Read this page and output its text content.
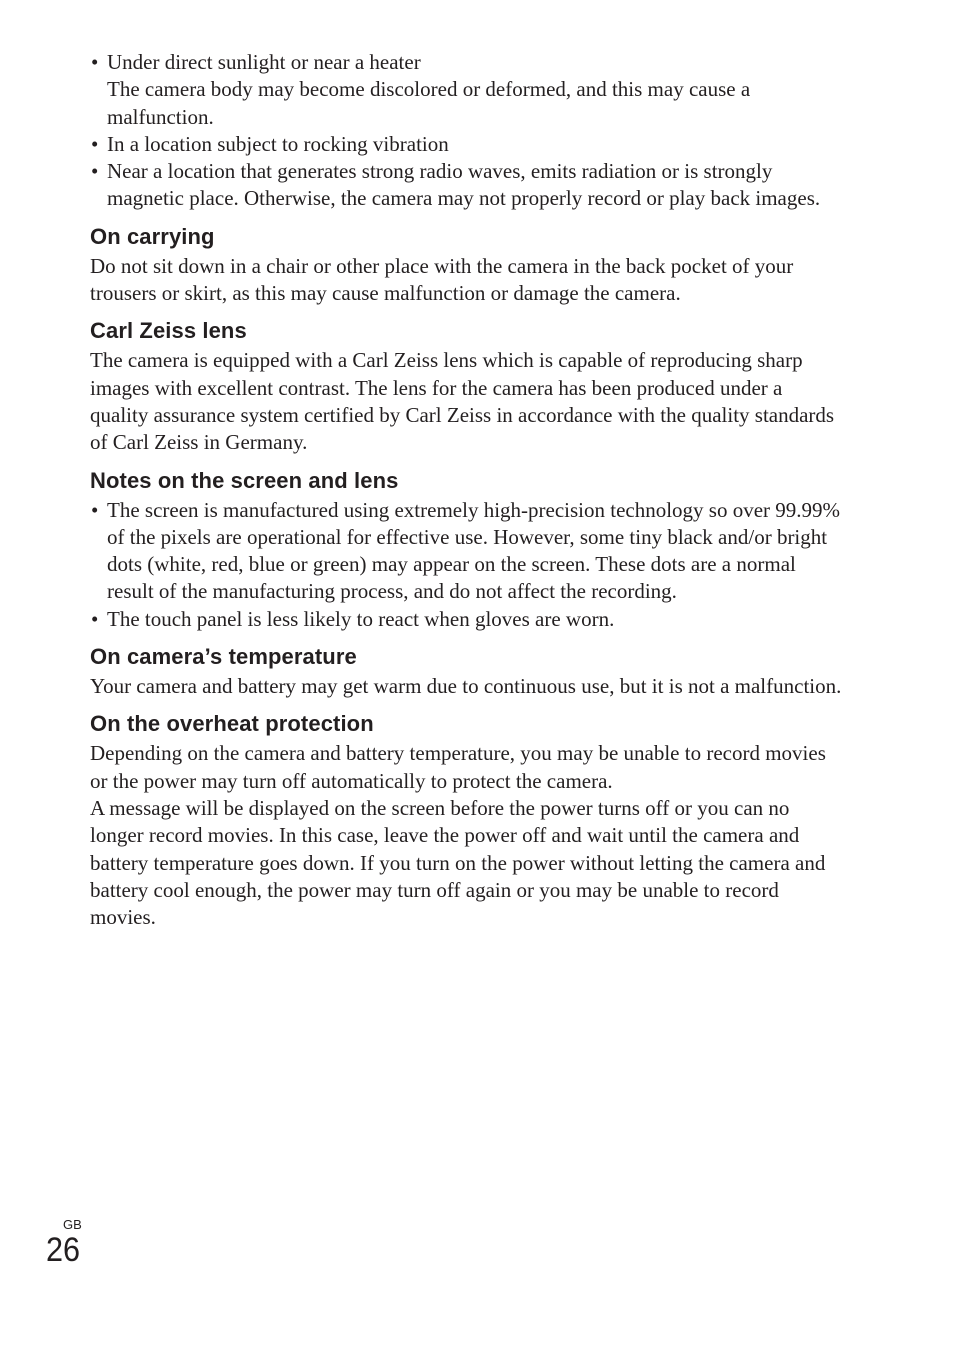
• Under direct sunlight or near a heater
The camera body may become discolored or deformed, and this may cause a malfunction.
• In a location subject to rocking vibration
• Near a location that generates strong radio waves, emits radiation or is strongly magnetic place. Otherwise, the camera may not properly record or play back images.
On carrying

Do not sit down in a chair or other place with the camera in the back pocket of your trousers or skirt, as this may cause malfunction or damage the camera.

Carl Zeiss lens

The camera is equipped with a Carl Zeiss lens which is capable of reproducing sharp images with excellent contrast. The lens for the camera has been produced under a quality assurance system certified by Carl Zeiss in accordance with the quality standards of Carl Zeiss in Germany.

Notes on the screen and lens
• The screen is manufactured using extremely high-precision technology so over 99.99% of the pixels are operational for effective use. However, some tiny black and/or bright dots (white, red, blue or green) may appear on the screen. These dots are a normal result of the manufacturing process, and do not affect the recording.
• The touch panel is less likely to react when gloves are worn.
On camera’s temperature

Your camera and battery may get warm due to continuous use, but it is not a malfunction.

On the overheat protection

Depending on the camera and battery temperature, you may be unable to record movies or the power may turn off automatically to protect the camera.

A message will be displayed on the screen before the power turns off or you can no longer record movies. In this case, leave the power off and wait until the camera and battery temperature goes down. If you turn on the power without letting the camera and battery cool enough, the power may turn off again or you may be unable to record movies.

GB
26
